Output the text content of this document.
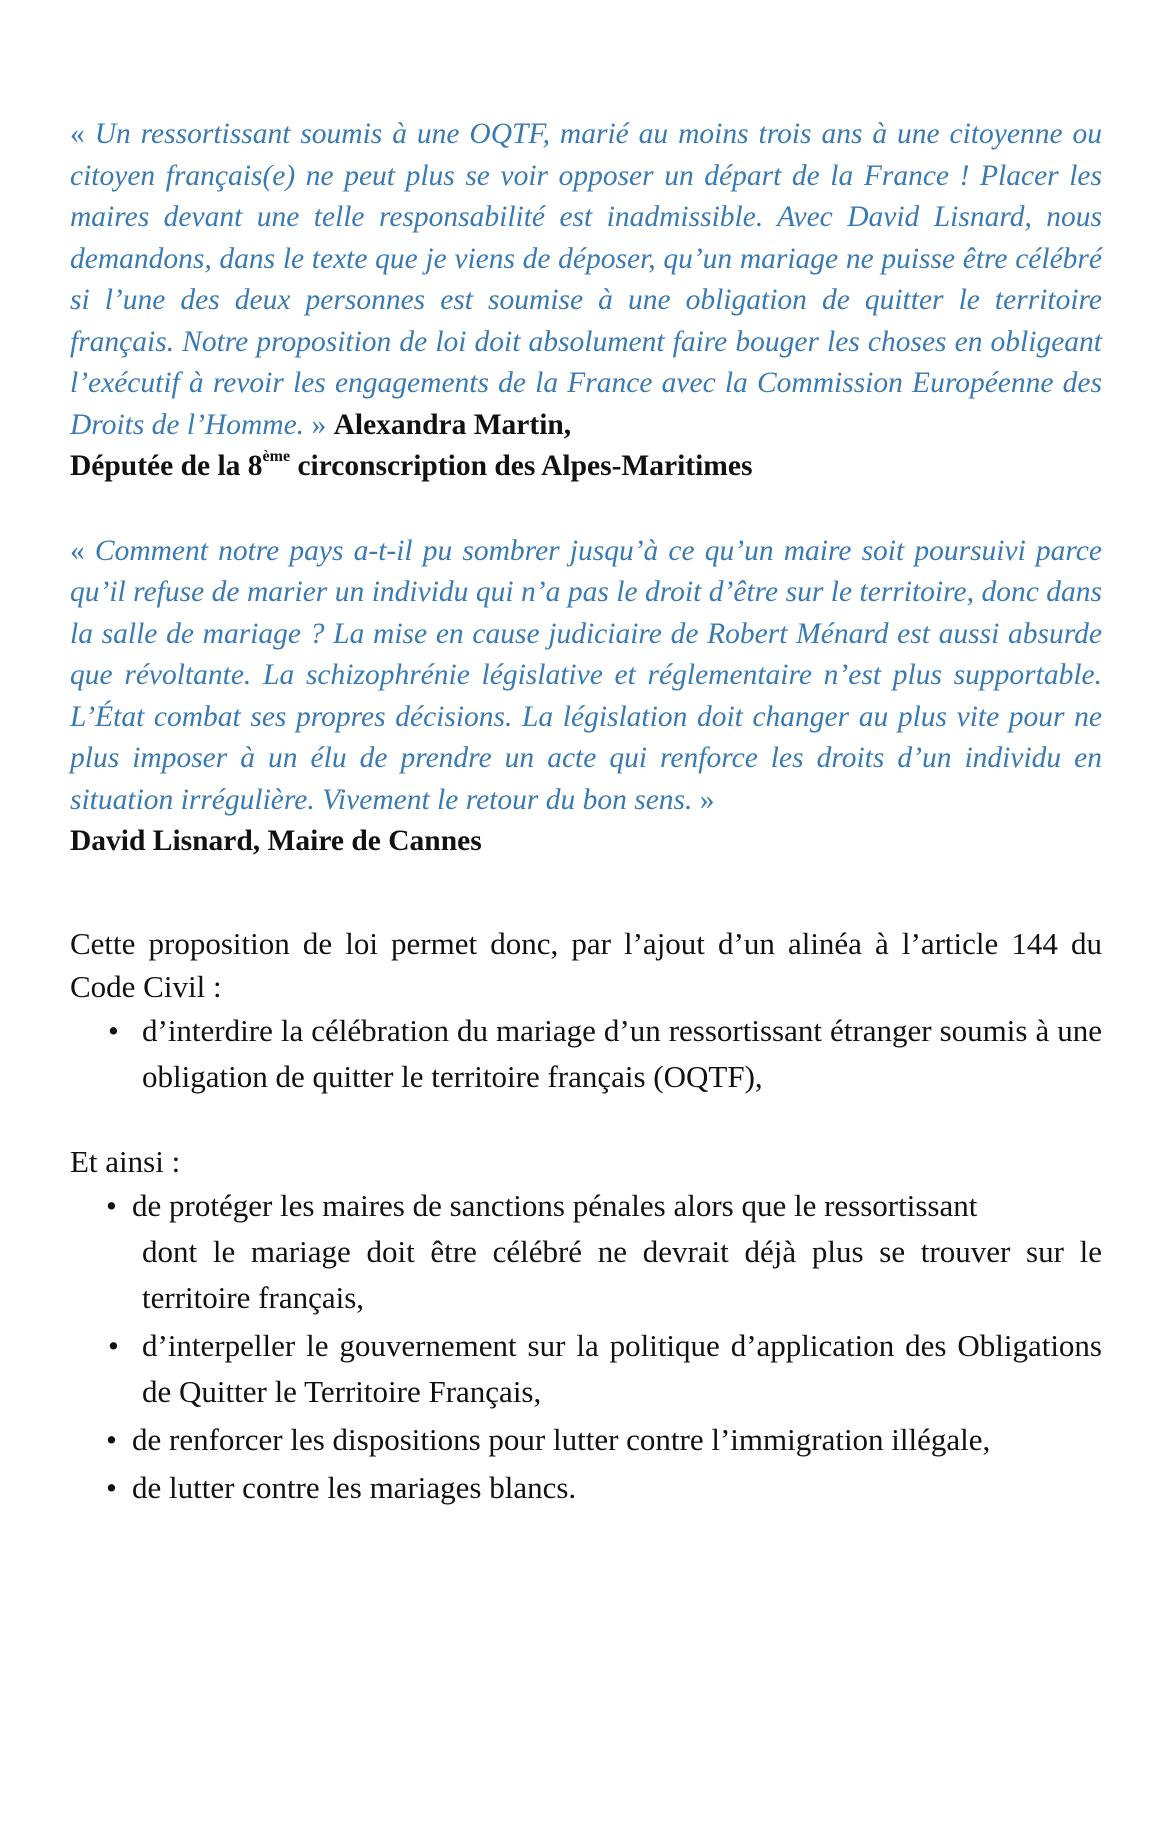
« Un ressortissant soumis à une OQTF, marié au moins trois ans à une citoyenne ou citoyen français(e) ne peut plus se voir opposer un départ de la France ! Placer les maires devant une telle responsabilité est inadmissible. Avec David Lisnard, nous demandons, dans le texte que je viens de déposer, qu’un mariage ne puisse être célébré si l’une des deux personnes est soumise à une obligation de quitter le territoire français. Notre proposition de loi doit absolument faire bouger les choses en obligeant l’exécutif à revoir les engagements de la France avec la Commission Européenne des Droits de l’Homme. » Alexandra Martin,
Députée de la 8ème circonscription des Alpes-Maritimes

« Comment notre pays a-t-il pu sombrer jusqu’à ce qu’un maire soit poursuivi parce qu’il refuse de marier un individu qui n’a pas le droit d’être sur le territoire, donc dans la salle de mariage ? La mise en cause judiciaire de Robert Ménard est aussi absurde que révoltante. La schizophrénie législative et réglementaire n’est plus supportable. L’État combat ses propres décisions. La législation doit changer au plus vite pour ne plus imposer à un élu de prendre un acte qui renforce les droits d’un individu en situation irrégulière. Vivement le retour du bon sens. »
David Lisnard, Maire de Cannes

Cette proposition de loi permet donc, par l’ajout d’un alinéa à l’article 144 du Code Civil :

• d’interdire la célébration du mariage d’un ressortissant étranger soumis à une obligation de quitter le territoire français (OQTF),

Et ainsi :

• de protéger les maires de sanctions pénales alors que le ressortissant
dont le mariage doit être célébré ne devrait déjà plus se trouver sur le territoire français,
• d’interpeller le gouvernement sur la politique d’application des Obligations de Quitter le Territoire Français,
• de renforcer les dispositions pour lutter contre l’immigration illégale,
• de lutter contre les mariages blancs.
